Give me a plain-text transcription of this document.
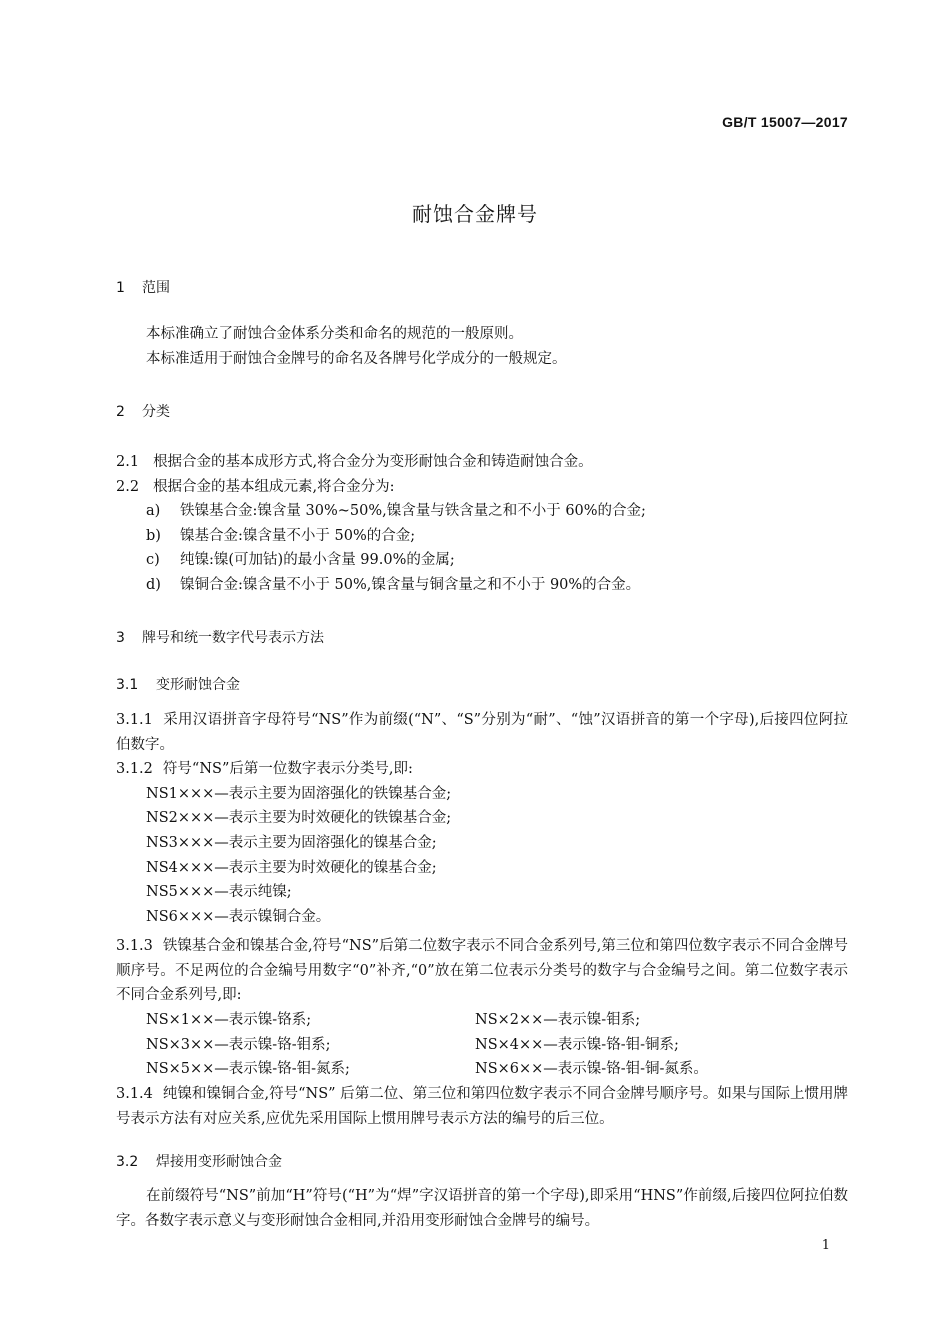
GB/T 15007—2017
耐蚀合金牌号
1 范围
本标准确立了耐蚀合金体系分类和命名的规范的一般原则。
本标准适用于耐蚀合金牌号的命名及各牌号化学成分的一般规定。
2 分类
2.1 根据合金的基本成形方式,将合金分为变形耐蚀合金和铸造耐蚀合金。
2.2 根据合金的基本组成元素,将合金分为:
a) 铁镍基合金:镍含量 30%~50%,镍含量与铁含量之和不小于 60%的合金;
b) 镍基合金:镍含量不小于 50%的合金;
c) 纯镍:镍(可加钴)的最小含量 99.0%的金属;
d) 镍铜合金:镍含量不小于 50%,镍含量与铜含量之和不小于 90%的合金。
3 牌号和统一数字代号表示方法
3.1 变形耐蚀合金
3.1.1 采用汉语拼音字母符号“NS”作为前缀(“N”、“S”分别为“耐”、“蚀”汉语拼音的第一个字母),后接四位阿拉伯数字。
3.1.2 符号“NS”后第一位数字表示分类号,即:
NS1×××—表示主要为固溶强化的铁镍基合金;
NS2×××—表示主要为时效硬化的铁镍基合金;
NS3×××—表示主要为固溶强化的镍基合金;
NS4×××—表示主要为时效硬化的镍基合金;
NS5×××—表示纯镍;
NS6×××—表示镍铜合金。
3.1.3 铁镍基合金和镍基合金,符号“NS”后第二位数字表示不同合金系列号,第三位和第四位数字表示不同合金牌号顺序号。不足两位的合金编号用数字“0”补齐,“0”放在第二位表示分类号的数字与合金编号之间。第二位数字表示不同合金系列号,即:
NS×1××—表示镍-铬系;	NS×2××—表示镍-钼系;
NS×3××—表示镍-铬-钼系;	NS×4××—表示镍-铬-钼-铜系;
NS×5××—表示镍-铬-钼-氮系;	NS×6××—表示镍-铬-钼-铜-氮系。
3.1.4 纯镍和镍铜合金,符号“NS” 后第二位、第三位和第四位数字表示不同合金牌号顺序号。如果与国际上惯用牌号表示方法有对应关系,应优先采用国际上惯用牌号表示方法的编号的后三位。
3.2 焊接用变形耐蚀合金
在前缀符号“NS”前加“H”符号(“H”为“焊”字汉语拼音的第一个字母),即采用“HNS”作前缀,后接四位阿拉伯数字。各数字表示意义与变形耐蚀合金相同,并沿用变形耐蚀合金牌号的编号。
1
